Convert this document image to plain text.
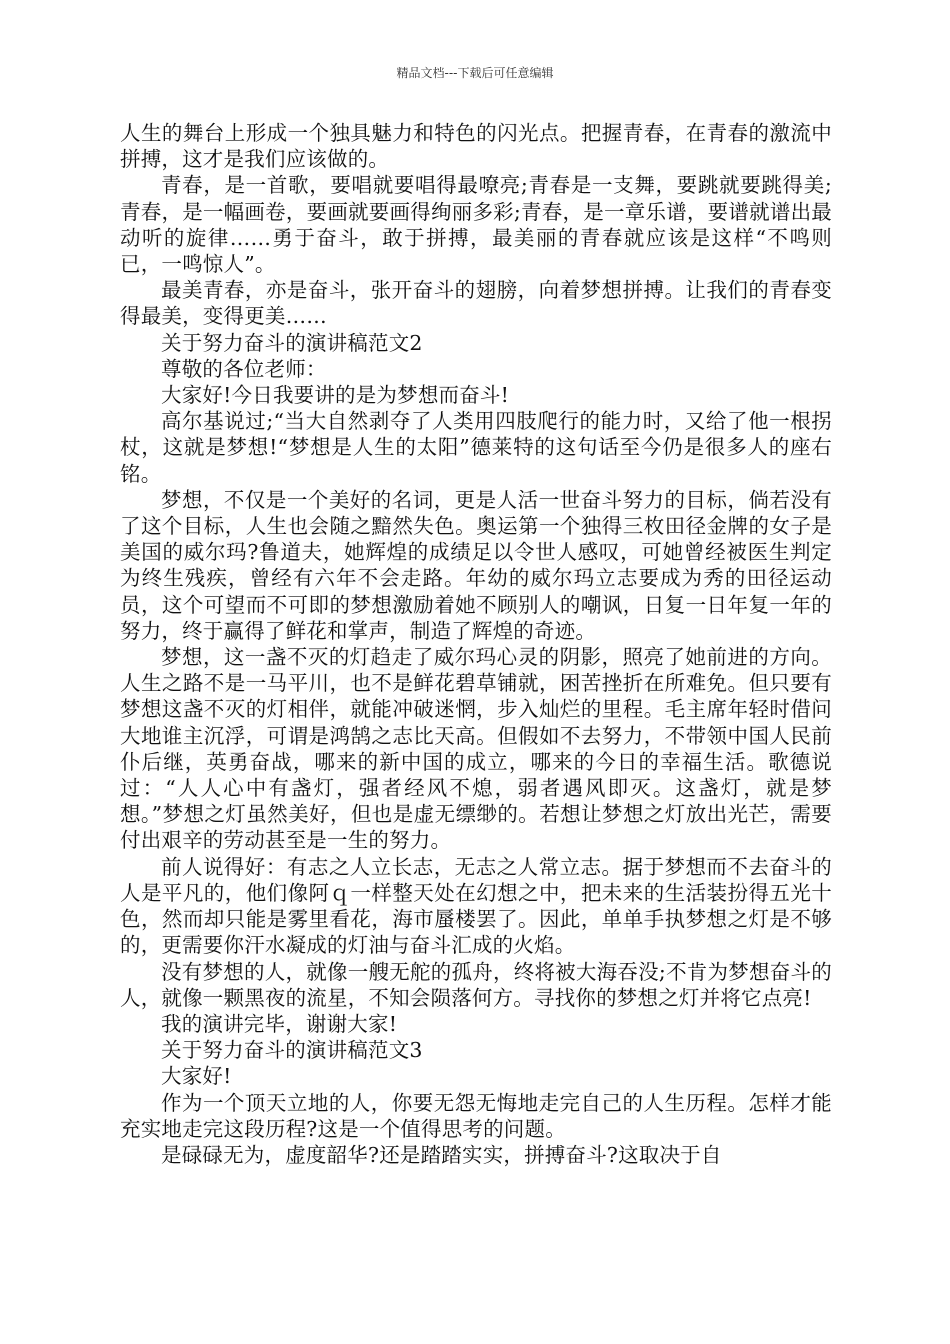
精品文档---下载后可任意编辑

人生的舞台上形成一个独具魅力和特色的闪光点。把握青春，在青春的激流中拼搏，这才是我们应该做的。

青春，是一首歌，要唱就要唱得最嘹亮;青春是一支舞，要跳就要跳得美;青春，是一幅画卷，要画就要画得绚丽多彩;青春，是一章乐谱，要谱就谱出最动听的旋律……勇于奋斗，敢于拼搏，最美丽的青春就应该是这样“不鸣则已，一鸣惊人”。

最美青春，亦是奋斗，张开奋斗的翅膀，向着梦想拼搏。让我们的青春变得最美，变得更美……

关于努力奋斗的演讲稿范文2

尊敬的各位老师：

大家好!今日我要讲的是为梦想而奋斗!

高尔基说过;“当大自然剥夺了人类用四肢爬行的能力时，又给了他一根拐杖，这就是梦想!“梦想是人生的太阳”德莱特的这句话至今仍是很多人的座右铭。

梦想，不仅是一个美好的名词，更是人活一世奋斗努力的目标，倘若没有了这个目标，人生也会随之黯然失色。奥运第一个独得三枚田径金牌的女子是美国的威尔玛?鲁道夫，她辉煌的成绩足以令世人感叹，可她曾经被医生判定为终生残疾，曾经有六年不会走路。年幼的威尔玛立志要成为秀的田径运动员，这个可望而不可即的梦想激励着她不顾别人的嘲讽，日复一日年复一年的努力，终于赢得了鲜花和掌声，制造了辉煌的奇迹。

梦想，这一盏不灭的灯趋走了威尔玛心灵的阴影，照亮了她前进的方向。人生之路不是一马平川，也不是鲜花碧草铺就，困苦挫折在所难免。但只要有梦想这盏不灭的灯相伴，就能冲破迷惘，步入灿烂的里程。毛主席年轻时借问大地谁主沉浮，可谓是鸿鹄之志比天高。但假如不去努力，不带领中国人民前仆后继，英勇奋战，哪来的新中国的成立，哪来的今日的幸福生活。歌德说过：“人人心中有盏灯，强者经风不熄，弱者遇风即灭。这盏灯，就是梦想。”梦想之灯虽然美好，但也是虚无缥缈的。若想让梦想之灯放出光芒，需要付出艰辛的劳动甚至是一生的努力。

前人说得好：有志之人立长志，无志之人常立志。据于梦想而不去奋斗的人是平凡的，他们像阿ｑ一样整天处在幻想之中，把未来的生活装扮得五光十色，然而却只能是雾里看花，海市蜃楼罢了。因此，单单手执梦想之灯是不够的，更需要你汗水凝成的灯油与奋斗汇成的火焰。

没有梦想的人，就像一艘无舵的孤舟，终将被大海吞没;不肯为梦想奋斗的人，就像一颗黑夜的流星，不知会陨落何方。寻找你的梦想之灯并将它点亮!

我的演讲完毕，谢谢大家!

关于努力奋斗的演讲稿范文3

大家好!

作为一个顶天立地的人，你要无怨无悔地走完自己的人生历程。怎样才能充实地走完这段历程?这是一个值得思考的问题。

是碌碌无为，虚度韶华?还是踏踏实实，拼搏奋斗?这取决于自
